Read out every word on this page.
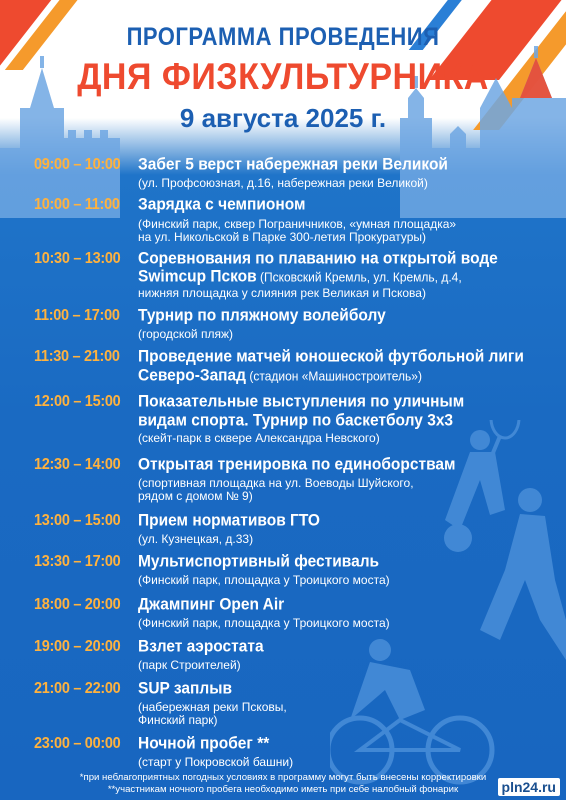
ПРОГРАММА ПРОВЕДЕНИЯ
ДНЯ ФИЗКУЛЬТУРНИКА
9 августа 2025 г.
09:00 – 10:00	Забег 5 верст набережная реки Великой
(ул. Профсоюзная, д.16, набережная реки Великой)
10:00 – 11:00	Зарядка с чемпионом
(Финский парк, сквер Пограничников, «умная площадка»
на ул. Никольской в Парке 300-летия Прокуратуры)
10:30 – 13:00	Соревнования по плаванию на открытой воде
Swimcup Псков (Псковский Кремль, ул. Кремль, д.4,
нижняя площадка у слияния рек Великая и Пскова)
11:00 – 17:00	Турнир по пляжному волейболу
(городской пляж)
11:30 – 21:00	Проведение матчей юношеской футбольной лиги
Северо-Запад (стадион «Машиностроитель»)
12:00 – 15:00	Показательные выступления по уличным
видам спорта. Турнир по баскетболу 3х3
(скейт-парк в сквере Александра Невского)
12:30 – 14:00	Открытая тренировка по единоборствам
(спортивная площадка на ул. Воеводы Шуйского,
рядом с домом № 9)
13:00 – 15:00	Прием нормативов ГТО
(ул. Кузнецкая, д.33)
13:30 – 17:00	Мультиспортивный фестиваль
(Финский парк, площадка у Троицкого моста)
18:00 – 20:00	Джампинг Open Air
(Финский парк, площадка у Троицкого моста)
19:00 – 20:00	Взлет аэростата
(парк Строителей)
21:00 – 22:00	SUP заплыв
(набережная реки Псковы,
Финский парк)
23:00 – 00:00	Ночной пробег **
(старт у Покровской башни)
*при неблагоприятных погодных условиях в программу могут быть внесены корректировки
**участникам ночного пробега необходимо иметь при себе налобный фонарик	pln24.ru
